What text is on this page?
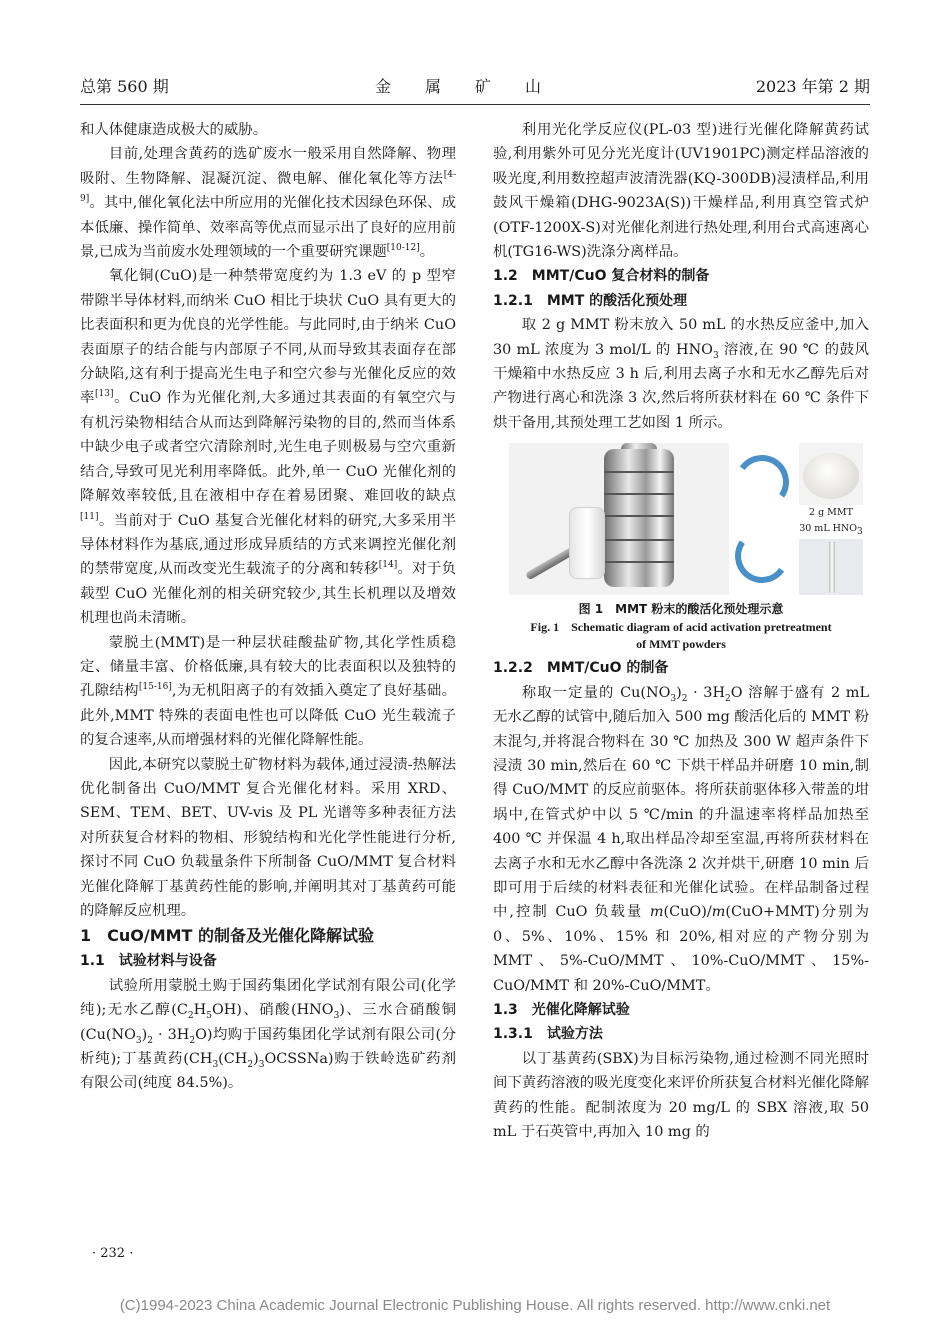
总第 560 期	金属矿山	2023 年第 2 期
和人体健康造成极大的威胁。
目前,处理含黄药的选矿废水一般采用自然降解、物理吸附、生物降解、混凝沉淀、微电解、催化氧化等方法[4-9]。其中,催化氧化法中所应用的光催化技术因绿色环保、成本低廉、操作简单、效率高等优点而显示出了良好的应用前景,已成为当前废水处理领域的一个重要研究课题[10-12]。
氧化铜(CuO)是一种禁带宽度约为 1.3 eV 的 p 型窄带隙半导体材料,而纳米 CuO 相比于块状 CuO 具有更大的比表面积和更为优良的光学性能。与此同时,由于纳米 CuO 表面原子的结合能与内部原子不同,从而导致其表面存在部分缺陷,这有利于提高光生电子和空穴参与光催化反应的效率[13]。CuO 作为光催化剂,大多通过其表面的有氧空穴与有机污染物相结合从而达到降解污染物的目的,然而当体系中缺少电子或者空穴清除剂时,光生电子则极易与空穴重新结合,导致可见光利用率降低。此外,单一 CuO 光催化剂的降解效率较低,且在液相中存在着易团聚、难回收的缺点[11]。当前对于 CuO 基复合光催化材料的研究,大多采用半导体材料作为基底,通过形成异质结的方式来调控光催化剂的禁带宽度,从而改变光生载流子的分离和转移[14]。对于负载型 CuO 光催化剂的相关研究较少,其生长机理以及增效机理也尚未清晰。
蒙脱土(MMT)是一种层状硅酸盐矿物,其化学性质稳定、储量丰富、价格低廉,具有较大的比表面积以及独特的孔隙结构[15-16],为无机阳离子的有效插入奠定了良好基础。此外,MMT 特殊的表面电性也可以降低 CuO 光生载流子的复合速率,从而增强材料的光催化降解性能。
因此,本研究以蒙脱土矿物材料为载体,通过浸渍-热解法优化制备出 CuO/MMT 复合光催化材料。采用 XRD、SEM、TEM、BET、UV-vis 及 PL 光谱等多种表征方法对所获复合材料的物相、形貌结构和光化学性能进行分析,探讨不同 CuO 负载量条件下所制备 CuO/MMT 复合材料光催化降解丁基黄药性能的影响,并阐明其对丁基黄药可能的降解反应机理。
1　CuO/MMT 的制备及光催化降解试验
1.1　试验材料与设备
试验所用蒙脱土购于国药集团化学试剂有限公司(化学纯);无水乙醇$(C_2H_5OH)$、硝酸$(HNO_3)$、三水合硝酸铜$(Cu(NO_3)_2 \cdot 3H_2O)$均购于国药集团化学试剂有限公司(分析纯);丁基黄药$(CH_3(CH_2)_3OCSSNa)$购于铁岭选矿药剂有限公司(纯度 84.5%)。
利用光化学反应仪(PL-03 型)进行光催化降解黄药试验,利用紫外可见分光光度计(UV1901PC)测定样品溶液的吸光度,利用数控超声波清洗器(KQ-300DB)浸渍样品,利用鼓风干燥箱(DHG-9023A(S))干燥样品,利用真空管式炉(OTF-1200X-S)对光催化剂进行热处理,利用台式高速离心机(TG16-WS)洗涤分离样品。
1.2　MMT/CuO 复合材料的制备
1.2.1　MMT 的酸活化预处理
取 2 g MMT 粉末放入 50 mL 的水热反应釜中,加入 30 mL 浓度为 3 mol/L 的 $HNO_3$ 溶液,在 90 ℃ 的鼓风干燥箱中水热反应 3 h 后,利用去离子水和无水乙醇先后对产物进行离心和洗涤 3 次,然后将所获材料在 60 ℃ 条件下烘干备用,其预处理工艺如图 1 所示。
2 g MMT
30 mL $HNO_3$
图 1　MMT 粉末的酸活化预处理示意
Fig. 1　Schematic diagram of acid activation pretreatment
of MMT powders
1.2.2　MMT/CuO 的制备
称取一定量的 $Cu(NO_3)_2 \cdot 3H_2O$ 溶解于盛有 2 mL 无水乙醇的试管中,随后加入 500 mg 酸活化后的 MMT 粉末混匀,并将混合物料在 30 ℃ 加热及 300 W 超声条件下浸渍 30 min,然后在 60 ℃ 下烘干样品并研磨 10 min,制得 CuO/MMT 的反应前驱体。将所获前驱体移入带盖的坩埚中,在管式炉中以 5 ℃/min 的升温速率将样品加热至 400 ℃ 并保温 4 h,取出样品冷却至室温,再将所获材料在去离子水和无水乙醇中各洗涤 2 次并烘干,研磨 10 min 后即可用于后续的材料表征和光催化试验。在样品制备过程中,控制 CuO 负载量 m(CuO)/m(CuO+MMT)分别为 0、5%、10%、15% 和 20%,相对应的产物分别为 MMT、5%-CuO/MMT、10%-CuO/MMT、15%-CuO/MMT 和 20%-CuO/MMT。
1.3　光催化降解试验
1.3.1　试验方法
以丁基黄药(SBX)为目标污染物,通过检测不同光照时间下黄药溶液的吸光度变化来评价所获复合材料光催化降解黄药的性能。配制浓度为 20 mg/L 的 SBX 溶液,取 50 mL 于石英管中,再加入 10 mg 的
· 232 ·
(C)1994-2023 China Academic Journal Electronic Publishing House. All rights reserved. http://www.cnki.net
